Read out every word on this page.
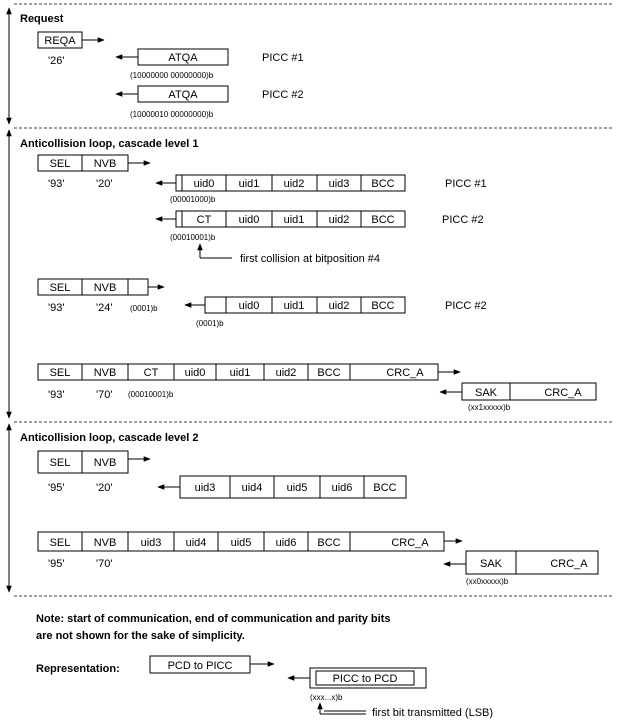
Request
REQA
'26'	ATQA
(10000000 00000000)b
PICC #1
ATQA
(10000010 00000000)b
PICC #2
Anticollision loop, cascade level 1
SEL NVB
'93'	'20'	uid0 uid1 uid2 uid3 BCC
(00001000)b
PICC #1
CT uid0 uid1 uid2 BCC
(00010001)b
PICC #2
first collision at bitposition #4
SEL NVB
'93'	'24' (0001)b	uid0 uid1 uid2 BCC
(0001)b
PICC #2
SEL NVB CT uid0 uid1 uid2 BCC	CRC_A
'93'	'70' (00010001)b	SAK	CRC_A
(xx1xxxxx)b
Anticollision loop, cascade level 2
SEL NVB
'95'	'20'	uid3 uid4 uid5 uid6 BCC
SEL NVB uid3 uid4 uid5 uid6 BCC	CRC_A
'95'	'70'	SAK	CRC_A
(xx0xxxxx)b
Note: start of communication, end of communication and parity bits
are not shown for the sake of simplicity.
Representation:	PCD to PICC
PICC to PCD
(xxx...x)b
first bit transmitted (LSB)
